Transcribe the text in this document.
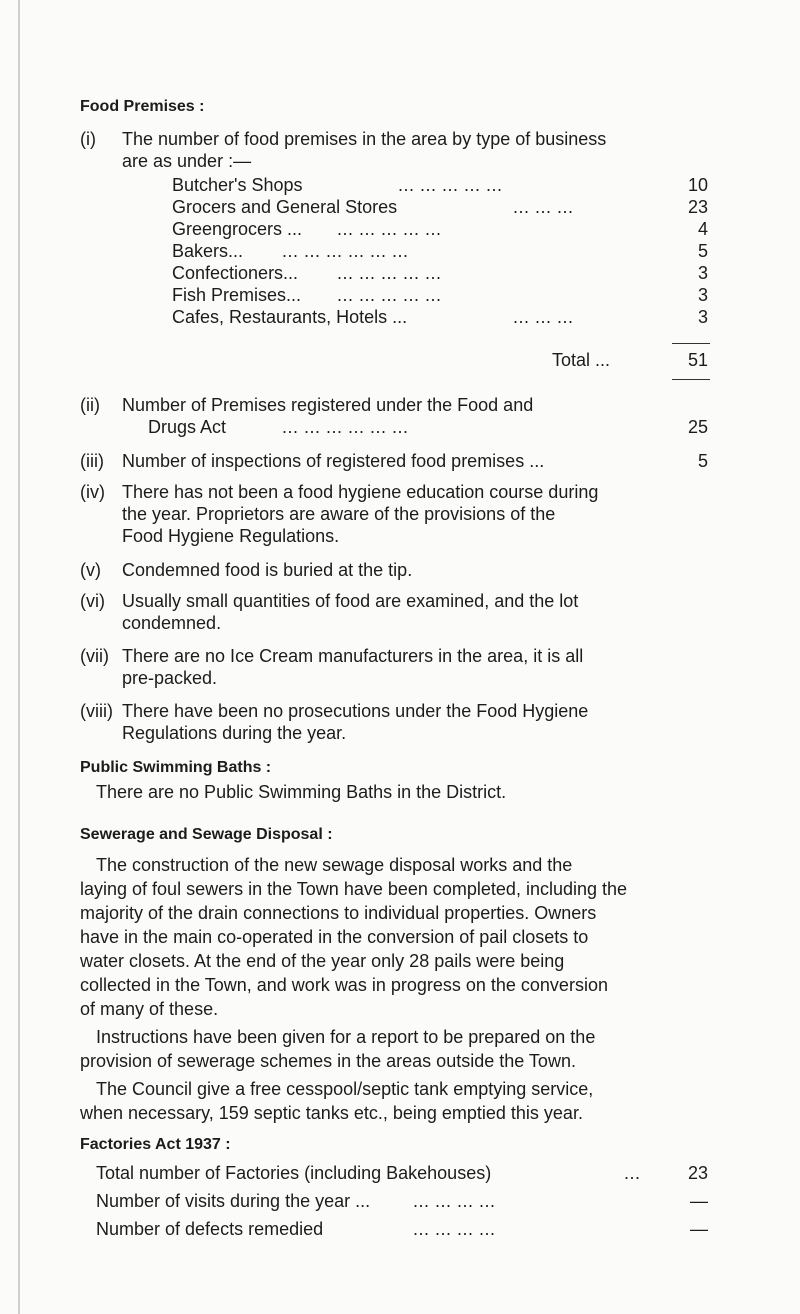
Food Premises :
(i) The number of food premises in the area by type of business
are as under :—
Butcher's Shops	... ... ... ... ...	10
Grocers and General Stores	... ... ...	23
Greengrocers ... ... ... ... ... ...	4
Bakers... ... ... ... ... ... ...	5
Confectioners... ... ... ... ... ...	3
Fish Premises... ... ... ... ... ...	3
Cafes, Restaurants, Hotels ...	... ... ...	3
Total ...	51
(ii) Number of Premises registered under the Food and
Drugs Act	... ... ... ... ... ...	25
(iii) Number of inspections of registered food premises ...	5
(iv) There has not been a food hygiene education course during
the year. Proprietors are aware of the provisions of the
Food Hygiene Regulations.
(v) Condemned food is buried at the tip.
(vi) Usually small quantities of food are examined, and the lot
condemned.
(vii) There are no Ice Cream manufacturers in the area, it is all
pre-packed.
(viii) There have been no prosecutions under the Food Hygiene
Regulations during the year.
Public Swimming Baths :
There are no Public Swimming Baths in the District.
Sewerage and Sewage Disposal :
The construction of the new sewage disposal works and the
laying of foul sewers in the Town have been completed, including the
majority of the drain connections to individual properties. Owners
have in the main co-operated in the conversion of pail closets to
water closets. At the end of the year only 28 pails were being
collected in the Town, and work was in progress on the conversion
of many of these.
Instructions have been given for a report to be prepared on the
provision of sewerage schemes in the areas outside the Town.
The Council give a free cesspool/septic tank emptying service,
when necessary, 159 septic tanks etc., being emptied this year.
Factories Act 1937 :
Total number of Factories (including Bakehouses)	...	23
Number of visits during the year ... ... ... ... ...	—
Number of defects remedied	... ... ... ...	—
